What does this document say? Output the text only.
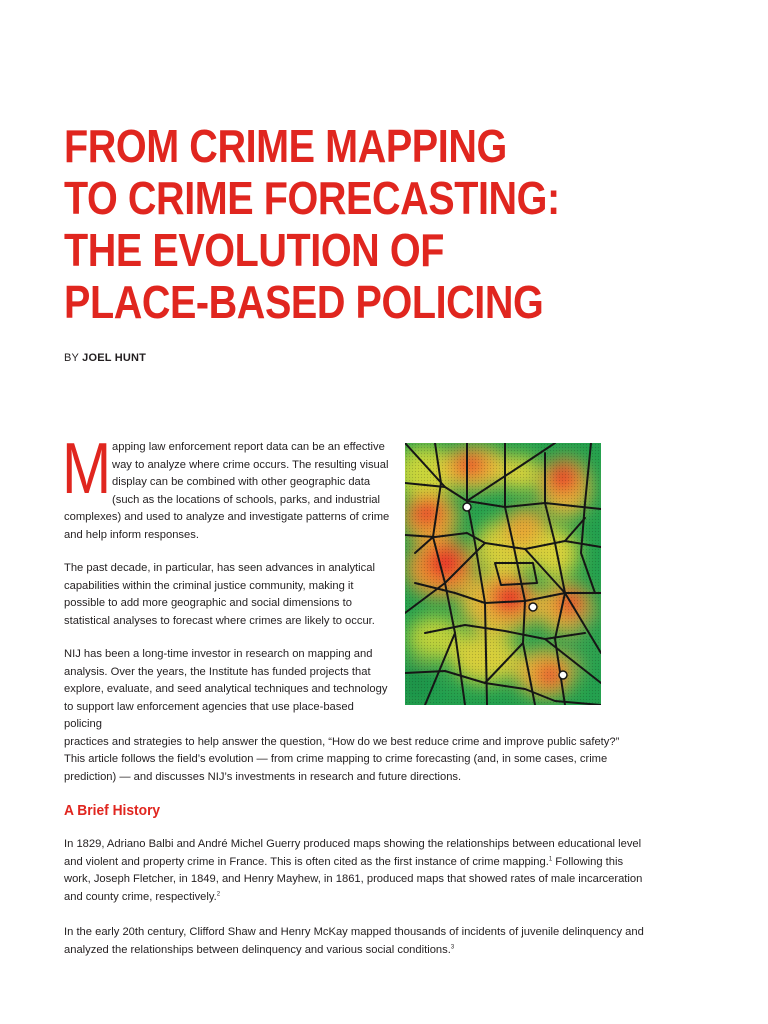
FROM CRIME MAPPING
TO CRIME FORECASTING:
THE EVOLUTION OF
PLACE-BASED POLICING
BY JOEL HUNT
M apping law enforcement report data can be an effective way to analyze where crime occurs. The resulting visual display can be combined with other geographic data (such as the locations of schools, parks, and industrial complexes) and used to analyze and investigate patterns of crime and help inform responses.
The past decade, in particular, has seen advances in analytical capabilities within the criminal justice community, making it possible to add more geographic and social dimensions to statistical analyses to forecast where crimes are likely to occur.
NIJ has been a long-time investor in research on mapping and analysis. Over the years, the Institute has funded projects that explore, evaluate, and seed analytical techniques and technology to support law enforcement agencies that use place-based policing
practices and strategies to help answer the question, “How do we best reduce crime and improve public safety?”
This article follows the field’s evolution — from crime mapping to crime forecasting (and, in some cases, crime prediction) — and discusses NIJ’s investments in research and future directions.
A Brief History
In 1829, Adriano Balbi and André Michel Guerry produced maps showing the relationships between educational level and violent and property crime in France. This is often cited as the first instance of crime mapping.$^1$ Following this work, Joseph Fletcher, in 1849, and Henry Mayhew, in 1861, produced maps that showed rates of male incarceration and county crime, respectively.$^2$
In the early 20th century, Clifford Shaw and Henry McKay mapped thousands of incidents of juvenile delinquency and analyzed the relationships between delinquency and various social conditions.$^3$
